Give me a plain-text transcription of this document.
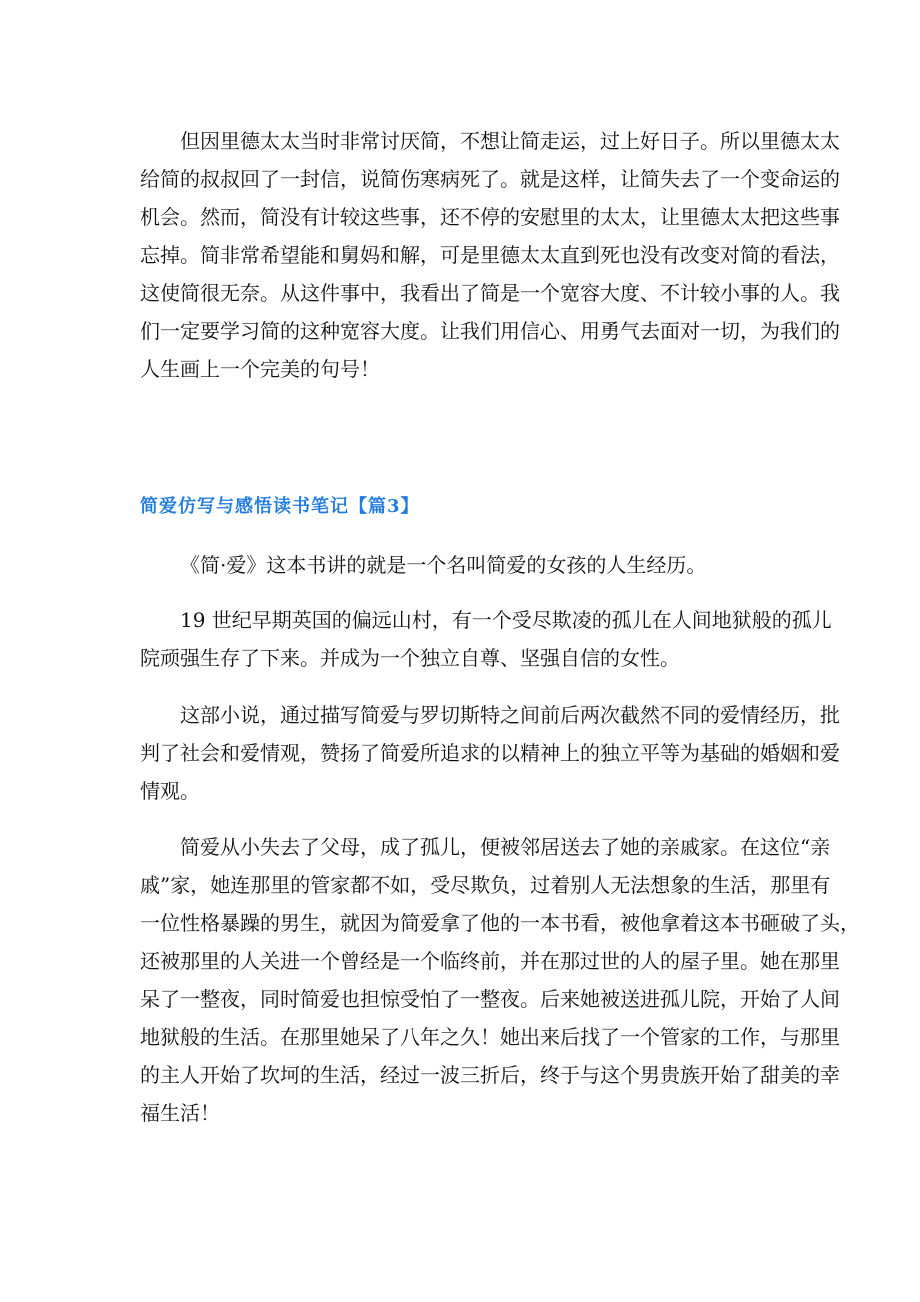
但因里德太太当时非常讨厌简，不想让简走运，过上好日子。所以里德太太
给简的叔叔回了一封信，说简伤寒病死了。就是这样，让简失去了一个变命运的
机会。然而，简没有计较这些事，还不停的安慰里的太太，让里德太太把这些事
忘掉。简非常希望能和舅妈和解，可是里德太太直到死也没有改变对简的看法，
这使简很无奈。从这件事中，我看出了简是一个宽容大度、不计较小事的人。我
们一定要学习简的这种宽容大度。让我们用信心、用勇气去面对一切，为我们的
人生画上一个完美的句号！
简爱仿写与感悟读书笔记【篇3】
《简·爱》这本书讲的就是一个名叫简爱的女孩的人生经历。
19 世纪早期英国的偏远山村，有一个受尽欺凌的孤儿在人间地狱般的孤儿
院顽强生存了下来。并成为一个独立自尊、坚强自信的女性。
这部小说，通过描写简爱与罗切斯特之间前后两次截然不同的爱情经历，批
判了社会和爱情观，赞扬了简爱所追求的以精神上的独立平等为基础的婚姻和爱
情观。
简爱从小失去了父母，成了孤儿，便被邻居送去了她的亲戚家。在这位“亲
戚”家，她连那里的管家都不如，受尽欺负，过着别人无法想象的生活，那里有
一位性格暴躁的男生，就因为简爱拿了他的一本书看，被他拿着这本书砸破了头，
还被那里的人关进一个曾经是一个临终前，并在那过世的人的屋子里。她在那里
呆了一整夜，同时简爱也担惊受怕了一整夜。后来她被送进孤儿院，开始了人间
地狱般的生活。在那里她呆了八年之久！她出来后找了一个管家的工作，与那里
的主人开始了坎坷的生活，经过一波三折后，终于与这个男贵族开始了甜美的幸
福生活！
